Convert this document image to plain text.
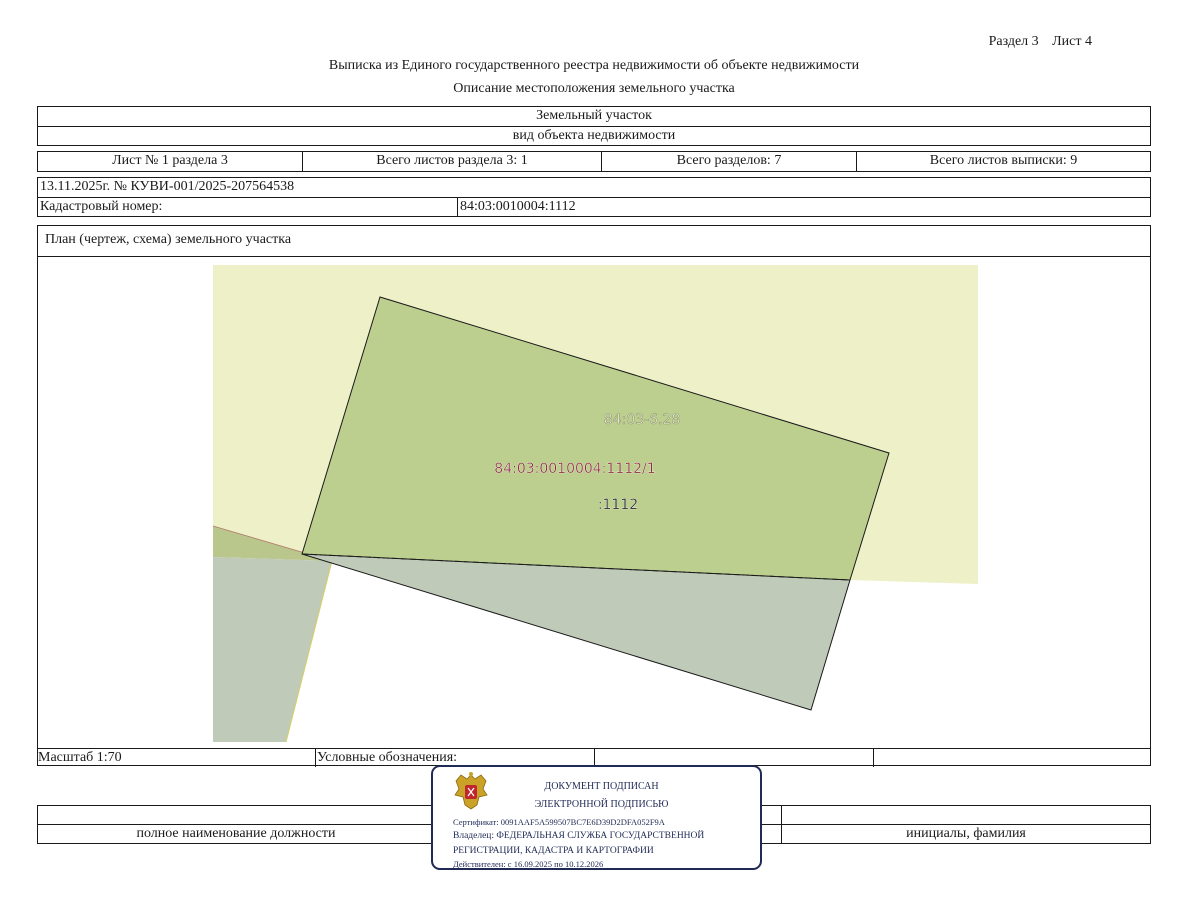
Раздел 3 Лист 4
Выписка из Единого государственного реестра недвижимости об объекте недвижимости
Описание местоположения земельного участка
Земельный участок
вид объекта недвижимости
Лист № 1 раздела 3	Всего листов раздела 3: 1	Всего разделов: 7	Всего листов выписки: 9
13.11.2025г. № КУВИ-001/2025-207564538
Кадастровый номер:	84:03:0010004:1112
План (чертеж, схема) земельного участка
84:03-6.28
84:03:0010004:1112/1
:1112
Масштаб 1:70	Условные обозначения:
полное наименование должности	инициалы, фамилия
ДОКУМЕНТ ПОДПИСАН
ЭЛЕКТРОННОЙ ПОДПИСЬЮ
Сертификат: 0091AAF5A599507BC7E6D39D2DFA052F9A
Владелец: ФЕДЕРАЛЬНАЯ СЛУЖБА ГОСУДАРСТВЕННОЙ
РЕГИСТРАЦИИ, КАДАСТРА И КАРТОГРАФИИ
Действителен: с 16.09.2025 по 10.12.2026
